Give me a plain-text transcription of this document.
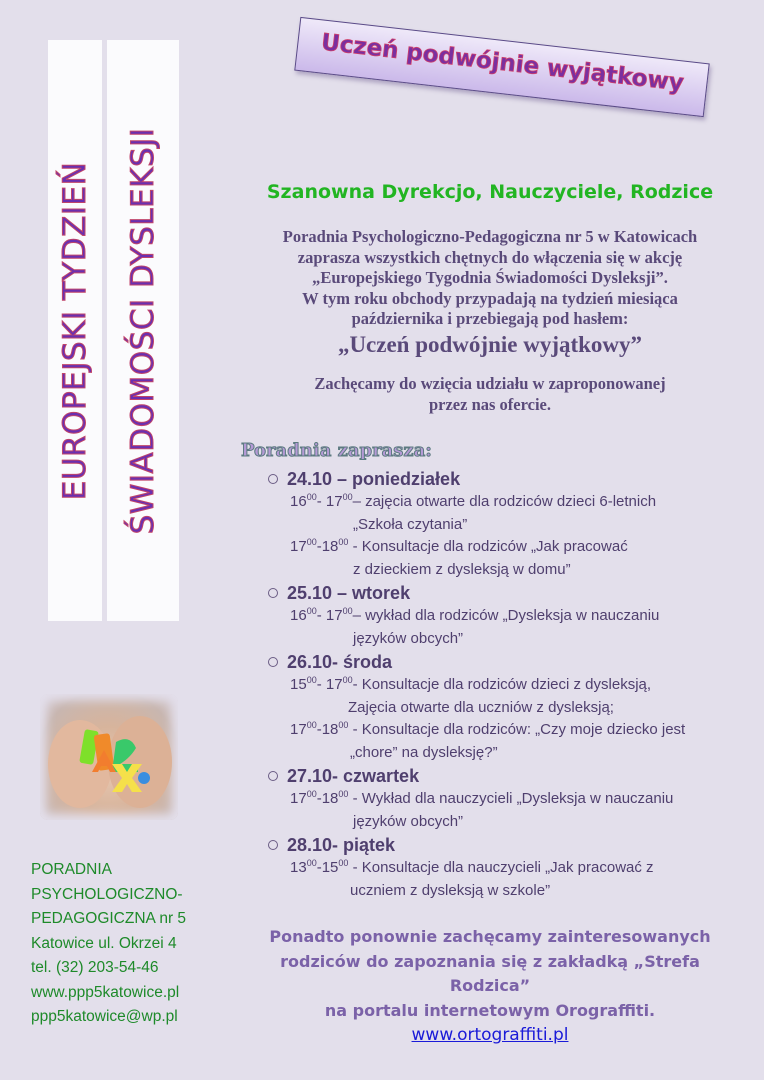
EUROPEJSKI TYDZIEŃ ŚWIADOMOŚCI DYSLEKSJI
Uczeń podwójnie wyjątkowy
Szanowna Dyrekcjo, Nauczyciele, Rodzice
Poradnia Psychologiczno-Pedagogiczna nr 5 w Katowicach
zaprasza wszystkich chętnych do włączenia się w akcję
„Europejskiego Tygodnia Świadomości Dysleksji”.
W tym roku obchody przypadają na tydzień miesiąca
października i przebiegają pod hasłem:
„Uczeń podwójnie wyjątkowy”
Zachęcamy do wzięcia udziału w zaproponowanej
przez nas ofercie.
Poradnia zaprasza:
24.10 – poniedziałek
$16^{00}-$ $17^{00}-$ zajęcia otwarte dla rodziców dzieci 6-letnich
„Szkoła czytania”
$17^{00}-18^{00}$ - Konsultacje dla rodziców „Jak pracować
z dzieckiem z dysleksją w domu”
25.10 – wtorek
$16^{00}-$ $17^{00}-$ wykład dla rodziców „Dysleksja w nauczaniu
języków obcych”
26.10- środa
$15^{00}-$ $17^{00}-$ Konsultacje dla rodziców dzieci z dysleksją,
Zajęcia otwarte dla uczniów z dysleksją;
$17^{00}-18^{00}$ - Konsultacje dla rodziców: „Czy moje dziecko jest
„chore” na dysleksję?”
27.10- czwartek
$17^{00}-18^{00}$ - Wykład dla nauczycieli „Dysleksja w nauczaniu
języków obcych”
28.10- piątek
$13^{00}-15^{00}$ - Konsultacje dla nauczycieli „Jak pracować z
uczniem z dysleksją w szkole”
Ponadto ponownie zachęcamy zainteresowanych
rodziców do zapoznania się z zakładką „Strefa Rodzica”
na portalu internetowym Orograffiti.
www.ortograffiti.pl
PORADNIA
PSYCHOLOGICZNO-
PEDAGOGICZNA nr 5
Katowice ul. Okrzei 4
tel. (32) 203-54-46
www.ppp5katowice.pl
ppp5katowice@wp.pl
